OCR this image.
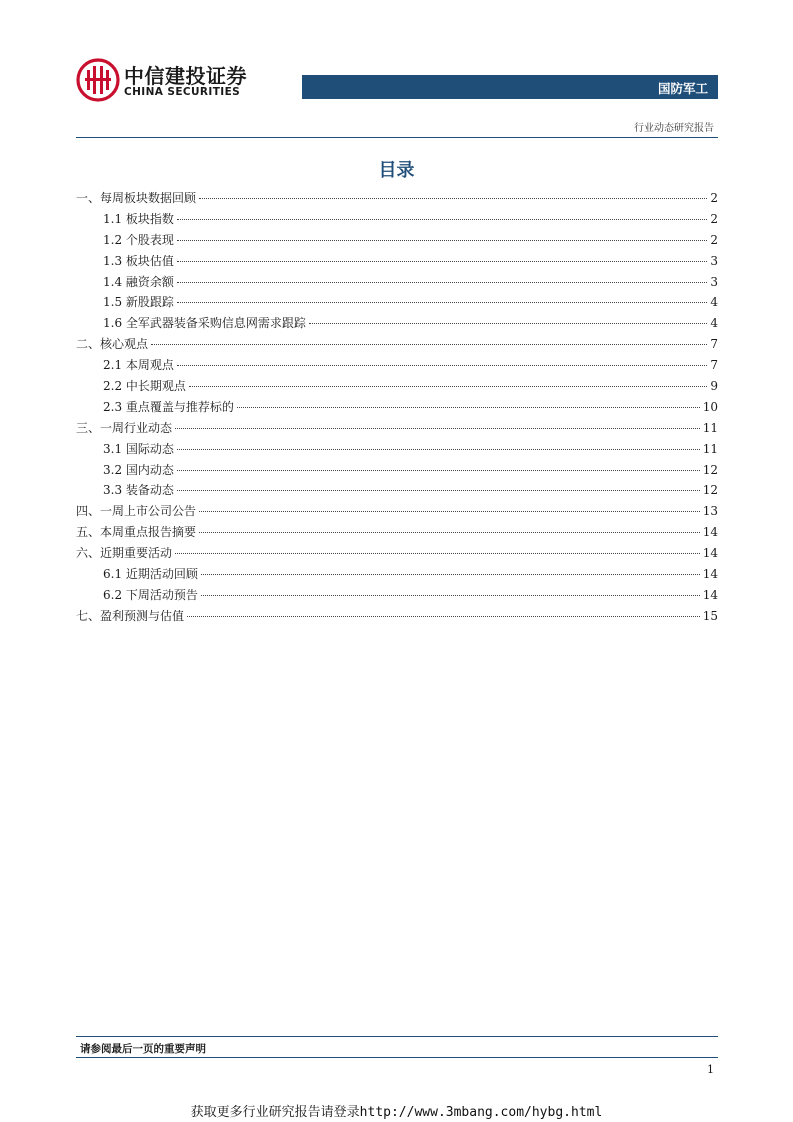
中信建投证券
CHINA SECURITIES	国防军工
行业动态研究报告
目录
一、每周板块数据回顾	2
1.1 板块指数	2
1.2 个股表现	2
1.3 板块估值	3
1.4 融资余额	3
1.5 新股跟踪	4
1.6 全军武器装备采购信息网需求跟踪	4
二、核心观点	7
2.1 本周观点	7
2.2 中长期观点	9
2.3 重点覆盖与推荐标的	10
三、一周行业动态	11
3.1 国际动态	11
3.2 国内动态	12
3.3 装备动态	12
四、一周上市公司公告	13
五、本周重点报告摘要	14
六、近期重要活动	14
6.1 近期活动回顾	14
6.2 下周活动预告	14
七、盈利预测与估值	15
请参阅最后一页的重要声明
1
获取更多行业研究报告请登录http://www.3mbang.com/hybg.html
